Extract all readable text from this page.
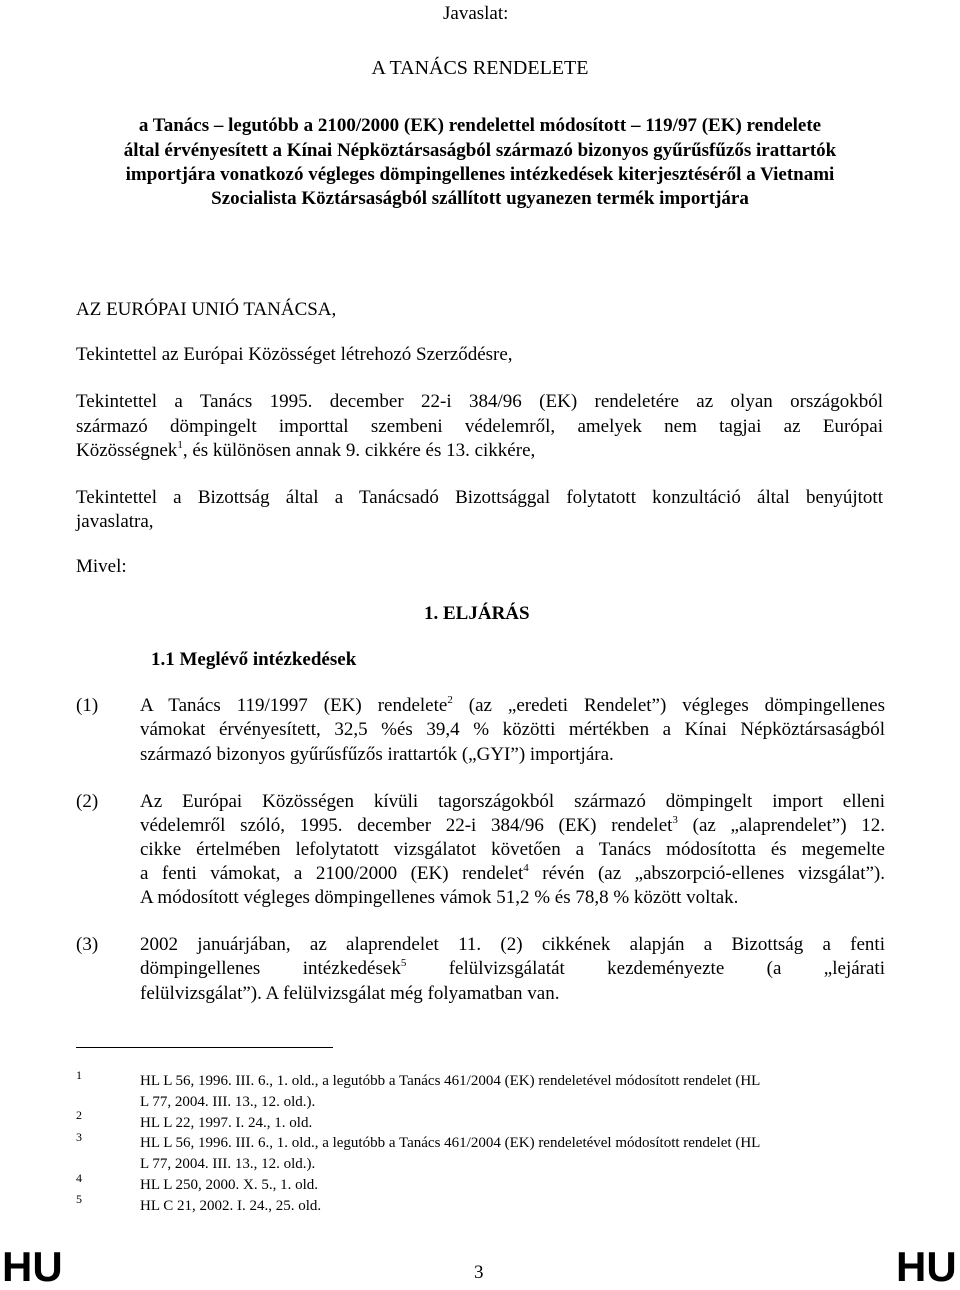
Javaslat:
A TANÁCS RENDELETE
a Tanács – legutóbb a 2100/2000 (EK) rendelettel módosított – 119/97 (EK) rendelete
által érvényesített a Kínai Népköztársaságból származó bizonyos gyűrűsfűzős irattartók
importjára vonatkozó végleges dömpingellenes intézkedések kiterjesztéséről a Vietnami
Szocialista Köztársaságból szállított ugyanezen termék importjára
AZ EURÓPAI UNIÓ TANÁCSA,
Tekintettel az Európai Közösséget létrehozó Szerződésre,
Tekintettel a Tanács 1995. december 22-i 384/96 (EK) rendeletére az olyan országokból
származó dömpingelt importtal szembeni védelemről, amelyek nem tagjai az Európai
Közösségnek$^1$, és különösen annak 9. cikkére és 13. cikkére,
Tekintettel a Bizottság által a Tanácsadó Bizottsággal folytatott konzultáció által benyújtott
javaslatra,
Mivel:
1. ELJÁRÁS
1.1 Meglévő intézkedések
(1) A Tanács 119/1997 (EK) rendelete$^2$ (az „eredeti Rendelet”) végleges dömpingellenes
vámokat érvényesített, 32,5 %és 39,4 % közötti mértékben a Kínai Népköztársaságból
származó bizonyos gyűrűsfűzős irattartók („GYI”) importjára.
(2) Az Európai Közösségen kívüli tagországokból származó dömpingelt import elleni
védelemről szóló, 1995. december 22-i 384/96 (EK) rendelet$^3$ (az „alaprendelet”) 12.
cikke értelmében lefolytatott vizsgálatot követően a Tanács módosította és megemelte
a fenti vámokat, a 2100/2000 (EK) rendelet$^4$ révén (az „abszorpció-ellenes vizsgálat”).
A módosított végleges dömpingellenes vámok 51,2 % és 78,8 % között voltak.
(3) 2002 januárjában, az alaprendelet 11. (2) cikkének alapján a Bizottság a fenti
dömpingellenes intézkedések$^5$ felülvizsgálatát kezdeményezte (a „lejárati
felülvizsgálat”). A felülvizsgálat még folyamatban van.
1	HL L 56, 1996. III. 6., 1. old., a legutóbb a Tanács 461/2004 (EK) rendeletével módosított rendelet (HL
L 77, 2004. III. 13., 12. old.).
2	HL L 22, 1997. I. 24., 1. old.
3	HL L 56, 1996. III. 6., 1. old., a legutóbb a Tanács 461/2004 (EK) rendeletével módosított rendelet (HL
L 77, 2004. III. 13., 12. old.).
4	HL L 250, 2000. X. 5., 1. old.
5	HL C 21, 2002. I. 24., 25. old.
HU	3	HU
